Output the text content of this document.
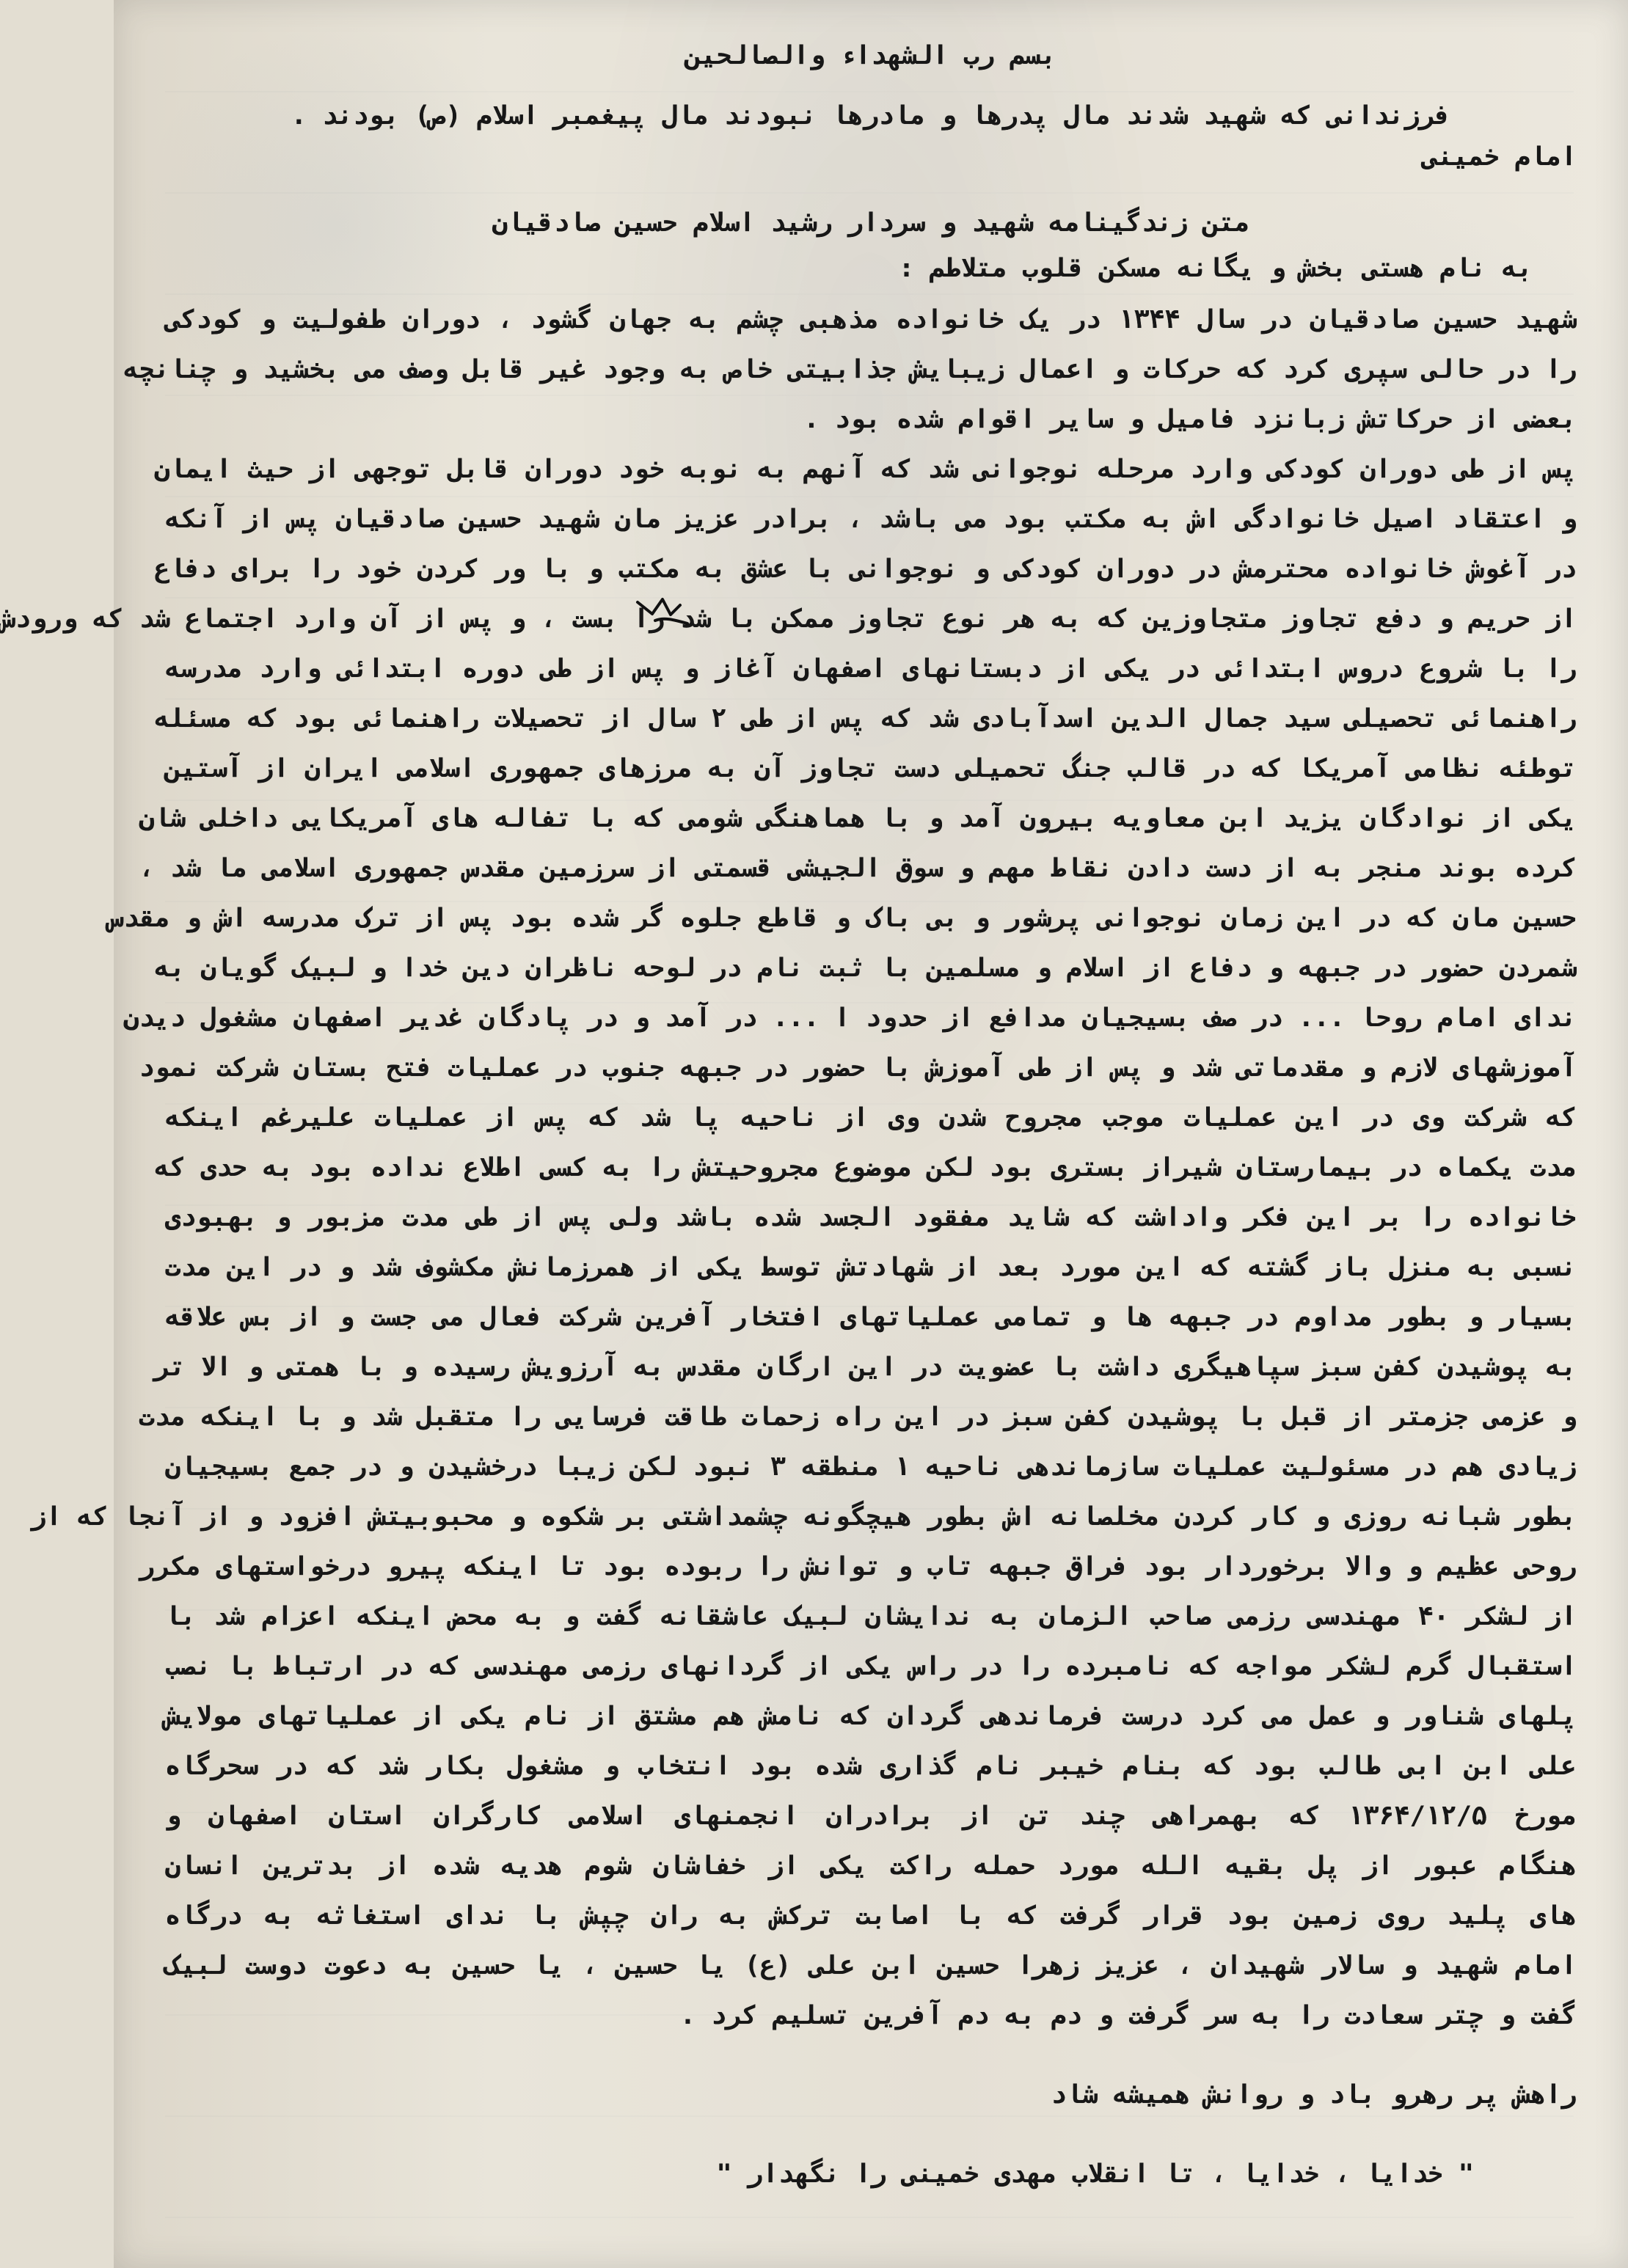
بسم رب الشهداء والصالحین
فرزندانی که شهید شدند مال پدرها و مادرها نبودند مال پیغمبر اسلام (ص) بودند .
امام خمینی
متن زندگینامه شهید و سردار رشید اسلام حسین صادقیان
به نام هستی بخش و یگانه مسکن قلوب متلاطم :
شهید حسین صادقیان در سال ۱۳۴۴ در یک خانواده مذهبی چشم به جهان گشود ، دوران طفولیت و کودکی
را در حالی سپری کرد که حرکات و اعمال زیبایش جذابیتی خاص به وجود غیر قابل وصف می بخشید و چنانچه
بعضی از حرکاتش زبانزد فامیل و سایر اقوام شده بود .
پس از طی دوران کودکی وارد مرحله نوجوانی شد که آنهم به نوبه خود دوران قابل توجهی از حیث ایمان
و اعتقاد اصیل خانوادگی اش به مکتب بود می باشد ، برادر عزیز مان شهید حسین صادقیان پس از آنکه
در آغوش خانواده محترمش در دوران کودکی و نوجوانی با عشق به مکتب و با ور کردن خود را برای دفاع
از حریم و دفع تجاوز متجاوزین که به هر نوع تجاوز ممکن با شد را بست ، و پس از آن وارد اجتماع شد که ورودش
را با شروع دروس ابتدائی در یکی از دبستانهای اصفهان آغاز و پس از طی دوره ابتدائی وارد مدرسه
راهنمائی تحصیلی سید جمال الدین اسدآبادی شد که پس از طی ۲ سال از تحصیلات راهنمائی بود که مسئله
توطئه نظامی آمریکا که در قالب جنگ تحمیلی دست تجاوز آن به مرزهای جمهوری اسلامی ایران از آستین
یکی از نوادگان یزید ابن معاویه بیرون آمد و با هماهنگی شومی که با تفاله های آمریکایی داخلی شان
کرده بوند منجر به از دست دادن نقاط مهم و سوق الجیشی قسمتی از سرزمین مقدس جمهوری اسلامی ما شد ،
حسین مان که در این زمان نوجوانی پرشور و بی باک و قاطع جلوه گر شده بود پس از ترک مدرسه اش و مقدس
شمردن حضور در جبهه و دفاع از اسلام و مسلمین با ثبت نام در لوحه ناظران دین خدا و لبیک گویان به
ندای امام روحا ... در صف بسیجیان مدافع از حدود ا ... در آمد و در پادگان غدیر اصفهان مشغول دیدن
آموزشهای لازم و مقدماتی شد و پس از طی آموزش با حضور در جبهه جنوب در عملیات فتح بستان شرکت نمود
که شرکت وی در این عملیات موجب مجروح شدن وی از ناحیه پا شد که پس از عملیات علیرغم اینکه
مدت یکماه در بیمارستان شیراز بستری بود لکن موضوع مجروحیتش را به کسی اطلاع نداده بود به حدی که
خانواده را بر این فکر واداشت که شاید مفقود الجسد شده باشد ولی پس از طی مدت مزبور و بهبودی
نسبی به منزل باز گشته که این مورد بعد از شهادتش توسط یکی از همرزمانش مکشوف شد و در این مدت
بسیار و بطور مداوم در جبهه ها و تمامی عملیاتهای افتخار آفرین شرکت فعال می جست و از بس علاقه
به پوشیدن کفن سبز سپاهیگری داشت با عضویت در این ارگان مقدس به آرزویش رسیده و با همتی و الا تر
و عزمی جزمتر از قبل با پوشیدن کفن سبز در این راه زحمات طاقت فرسایی را متقبل شد و با اینکه مدت
زیادی هم در مسئولیت عملیات سازماندهی ناحیه ۱ منطقه ۳ نبود لکن زیبا درخشیدن و در جمع بسیجیان
بطور شبانه روزی و کار کردن مخلصانه اش بطور هیچگونه چشمداشتی بر شکوه و محبوبیتش افزود و از آنجا که از
روحی عظیم و والا برخوردار بود فراق جبهه تاب و توانش را ربوده بود تا اینکه پیرو درخواستهای مکرر
از لشکر ۴۰ مهندسی رزمی صاحب الزمان به ندایشان لبیک عاشقانه گفت و به محض اینکه اعزام شد با
استقبال گرم لشکر مواجه که نامبرده را در راس یکی از گردانهای رزمی مهندسی که در ارتباط با نصب
پلهای شناور و عمل می کرد درست فرماندهی گردان که نامش هم مشتق از نام یکی از عملیاتهای مولایش
علی ابن ابی طالب بود که بنام خیبر نام گذاری شده بود انتخاب و مشغول بکار شد که در سحرگاه
مورخ ۱۳۶۴/۱۲/۵ که بهمراهی چند تن از برادران انجمنهای اسلامی کارگران استان اصفهان و
هنگام عبور از پل بقیه الله مورد حمله راکت یکی از خفاشان شوم هدیه شده از بدترین انسان
های پلید روی زمین بود قرار گرفت که با اصابت ترکش به ران چپش با ندای استغاثه به درگاه
امام شهید و سالار شهیدان ، عزیز زهرا حسین ابن علی (ع) یا حسین ، یا حسین به دعوت دوست لبیک
گفت و چتر سعادت را به سر گرفت و دم به دم آفرین تسلیم کرد .
راهش پر رهرو باد و روانش همیشه شاد
" خدایا ، خدایا ، تا انقلاب مهدی خمینی را نگهدار "
